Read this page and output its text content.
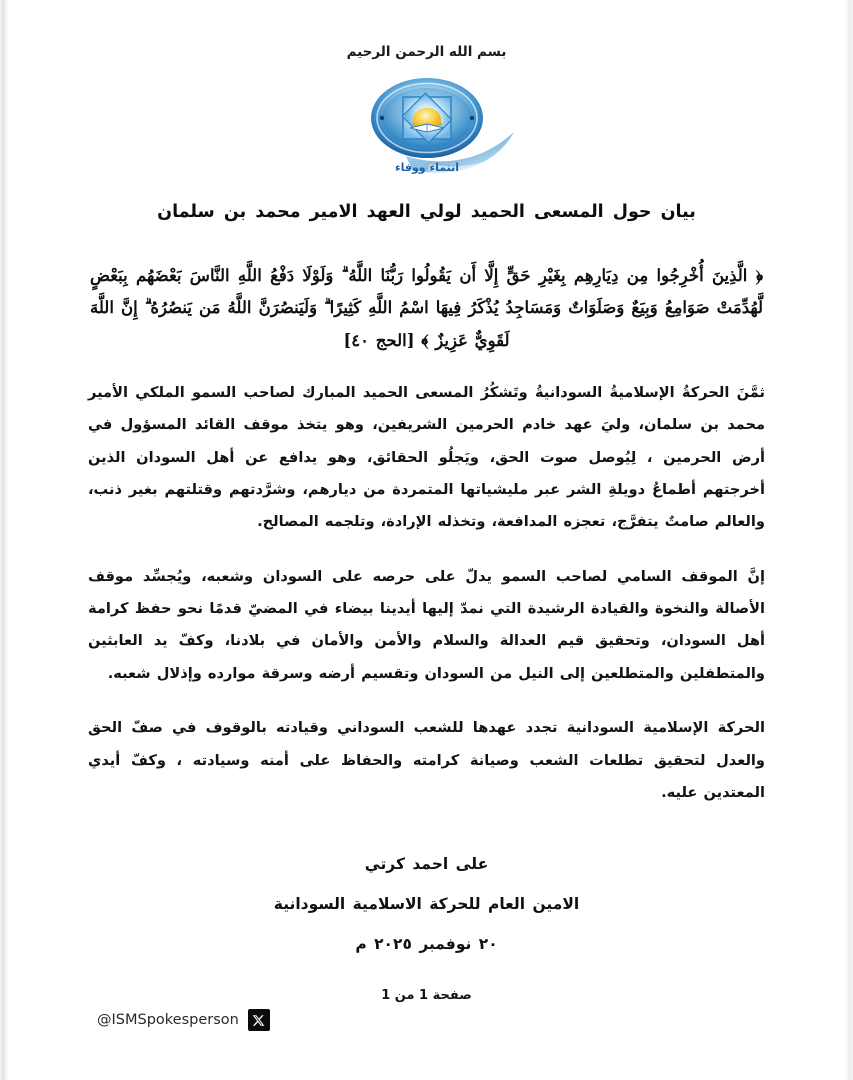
بسم الله الرحمن الرحيم
انتماء ووفاء
بيان حول المسعى الحميد لولي العهد الامير محمد بن سلمان
﴿ الَّذِينَ أُخْرِجُوا مِن دِيَارِهِم بِغَيْرِ حَقٍّ إِلَّا أَن يَقُولُوا رَبُّنَا اللَّهُ ۗ وَلَوْلَا دَفْعُ اللَّهِ النَّاسَ بَعْضَهُم بِبَعْضٍ لَّهُدِّمَتْ صَوَامِعُ وَبِيَعٌ وَصَلَوَاتٌ وَمَسَاجِدُ يُذْكَرُ فِيهَا اسْمُ اللَّهِ كَثِيرًا ۗ وَلَيَنصُرَنَّ اللَّهُ مَن يَنصُرُهُ ۗ إِنَّ اللَّهَ لَقَوِيٌّ عَزِيزٌ ﴾ [الحج ٤٠]

ثمَّنَ الحركةُ الإسلاميةُ السودانيةُ وتَشكُرُ المسعى الحميد المبارك لصاحب السمو الملكي الأمير محمد بن سلمان، وليَ عهد خادم الحرمين الشريفين، وهو يتخذ موقف القائد المسؤول في أرض الحرمين ، لِيُوصل صوت الحق، ويَجلُو الحقائق، وهو يدافع عن أهل السودان الذين أخرجتهم أطماعُ دويلةِ الشر عبر مليشياتها المتمردة من ديارهم، وشرَّدتهم وقتلتهم بغير ذنب، والعالم صامتٌ يتفرَّج، تعجزه المدافعة، وتخذله الإرادة، وتلجمه المصالح.

إنَّ الموقف السامي لصاحب السمو يدلّ على حرصه على السودان وشعبه، ويُجسِّد موقف الأصالة والنخوة والقيادة الرشيدة التي نمدّ إليها أيدينا بيضاء في المضيّ قدمًا نحو حفظ كرامة أهل السودان، وتحقيق قيم العدالة والسلام والأمن والأمان في بلادنا، وكفّ يد العابثين والمتطفلين والمتطلعين إلى النيل من السودان وتقسيم أرضه وسرقة موارده وإذلال شعبه.

الحركة الإسلامية السودانية تجدد عهدها للشعب السوداني وقيادته بالوقوف في صفّ الحق والعدل لتحقيق تطلعات الشعب وصيانة كرامته والحفاظ على أمنه وسيادته ، وكفّ أيدي المعتدين عليه.

على احمد كرتي
الامين العام للحركة الاسلامية السودانية
٢٠ نوفمبر ٢٠٢٥ م
صفحة 1 من 1
@ISMSpokesperson
